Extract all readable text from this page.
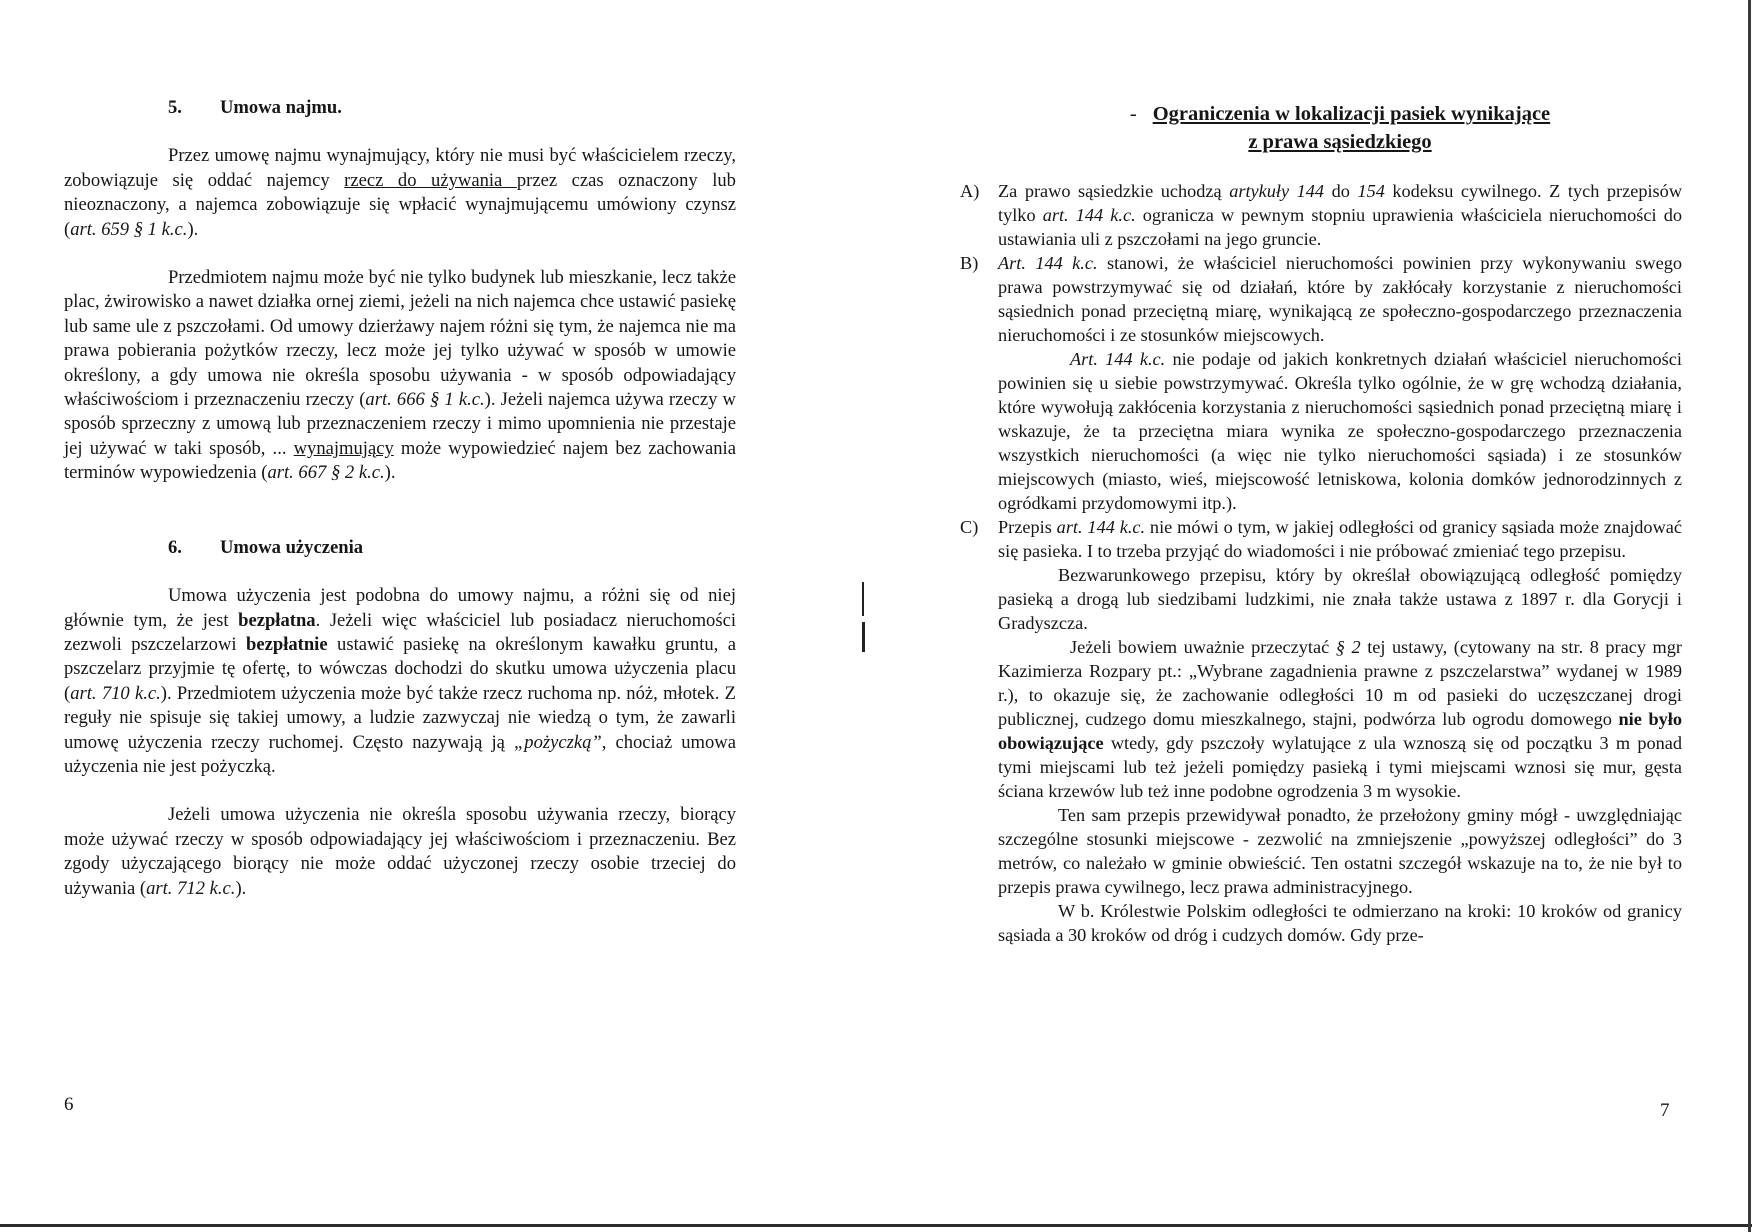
5. Umowa najmu.

Przez umowę najmu wynajmujący, który nie musi być właścicielem rzeczy, zobowiązuje się oddać najemcy rzecz do używania przez czas oznaczony lub nieoznaczony, a najemca zobowiązuje się wpłacić wynajmującemu umówiony czynsz (art. 659 § 1 k.c.).

Przedmiotem najmu może być nie tylko budynek lub mieszkanie, lecz także plac, żwirowisko a nawet działka ornej ziemi, jeżeli na nich najemca chce ustawić pasiekę lub same ule z pszczołami. Od umowy dzierżawy najem różni się tym, że najemca nie ma prawa pobierania pożytków rzeczy, lecz może jej tylko używać w sposób w umowie określony, a gdy umowa nie określa sposobu używania - w sposób odpowiadający właściwościom i przeznaczeniu rzeczy (art. 666 § 1 k.c.). Jeżeli najemca używa rzeczy w sposób sprzeczny z umową lub przeznaczeniem rzeczy i mimo upomnienia nie przestaje jej używać w taki sposób, ... wynajmujący może wypowiedzieć najem bez zachowania terminów wypowiedzenia (art. 667 § 2 k.c.).

6. Umowa użyczenia

Umowa użyczenia jest podobna do umowy najmu, a różni się od niej głównie tym, że jest bezpłatna. Jeżeli więc właściciel lub posiadacz nieruchomości zezwoli pszczelarzowi bezpłatnie ustawić pasiekę na określonym kawałku gruntu, a pszczelarz przyjmie tę ofertę, to wówczas dochodzi do skutku umowa użyczenia placu (art. 710 k.c.). Przedmiotem użyczenia może być także rzecz ruchoma np. nóż, młotek. Z reguły nie spisuje się takiej umowy, a ludzie zazwyczaj nie wiedzą o tym, że zawarli umowę użyczenia rzeczy ruchomej. Często nazywają ją „pożyczką”, chociaż umowa użyczenia nie jest pożyczką.

Jeżeli umowa użyczenia nie określa sposobu używania rzeczy, biorący może używać rzeczy w sposób odpowiadający jej właściwościom i przeznaczeniu. Bez zgody użyczającego biorący nie może oddać użyczonej rzeczy osobie trzeciej do używania (art. 712 k.c.).

6
- Ograniczenia w lokalizacji pasiek wynikające
z prawa sąsiedzkiego

A) Za prawo sąsiedzkie uchodzą artykuły 144 do 154 kodeksu cywilnego. Z tych przepisów tylko art. 144 k.c. ogranicza w pewnym stopniu uprawienia właściciela nieruchomości do ustawiania uli z pszczołami na jego gruncie.

B) Art. 144 k.c. stanowi, że właściciel nieruchomości powinien przy wykonywaniu swego prawa powstrzymywać się od działań, które by zakłócały korzystanie z nieruchomości sąsiednich ponad przeciętną miarę, wynikającą ze społeczno-gospodarczego przeznaczenia nieruchomości i ze stosunków miejscowych.

Art. 144 k.c. nie podaje od jakich konkretnych działań właściciel nieruchomości powinien się u siebie powstrzymywać. Określa tylko ogólnie, że w grę wchodzą działania, które wywołują zakłócenia korzystania z nieruchomości sąsiednich ponad przeciętną miarę i wskazuje, że ta przeciętna miara wynika ze społeczno-gospodarczego przeznaczenia wszystkich nieruchomości (a więc nie tylko nieruchomości sąsiada) i ze stosunków miejscowych (miasto, wieś, miejscowość letniskowa, kolonia domków jednorodzinnych z ogródkami przydomowymi itp.).

C) Przepis art. 144 k.c. nie mówi o tym, w jakiej odległości od granicy sąsiada może znajdować się pasieka. I to trzeba przyjąć do wiadomości i nie próbować zmieniać tego przepisu.

Bezwarunkowego przepisu, który by określał obowiązującą odległość pomiędzy pasieką a drogą lub siedzibami ludzkimi, nie znała także ustawa z 1897 r. dla Gorycji i Gradyszcza.

Jeżeli bowiem uważnie przeczytać § 2 tej ustawy, (cytowany na str. 8 pracy mgr Kazimierza Rozpary pt.: „Wybrane zagadnienia prawne z pszczelarstwa” wydanej w 1989 r.), to okazuje się, że zachowanie odległości 10 m od pasieki do uczęszczanej drogi publicznej, cudzego domu mieszkalnego, stajni, podwórza lub ogrodu domowego nie było obowiązujące wtedy, gdy pszczoły wylatujące z ula wznoszą się od początku 3 m ponad tymi miejscami lub też jeżeli pomiędzy pasieką i tymi miejscami wznosi się mur, gęsta ściana krzewów lub też inne podobne ogrodzenia 3 m wysokie.

Ten sam przepis przewidywał ponadto, że przełożony gminy mógł - uwzględniając szczególne stosunki miejscowe - zezwolić na zmniejszenie „powyższej odległości” do 3 metrów, co należało w gminie obwieścić. Ten ostatni szczegół wskazuje na to, że nie był to przepis prawa cywilnego, lecz prawa administracyjnego.

W b. Królestwie Polskim odległości te odmierzano na kroki: 10 kroków od granicy sąsiada a 30 kroków od dróg i cudzych domów. Gdy prze-

7
